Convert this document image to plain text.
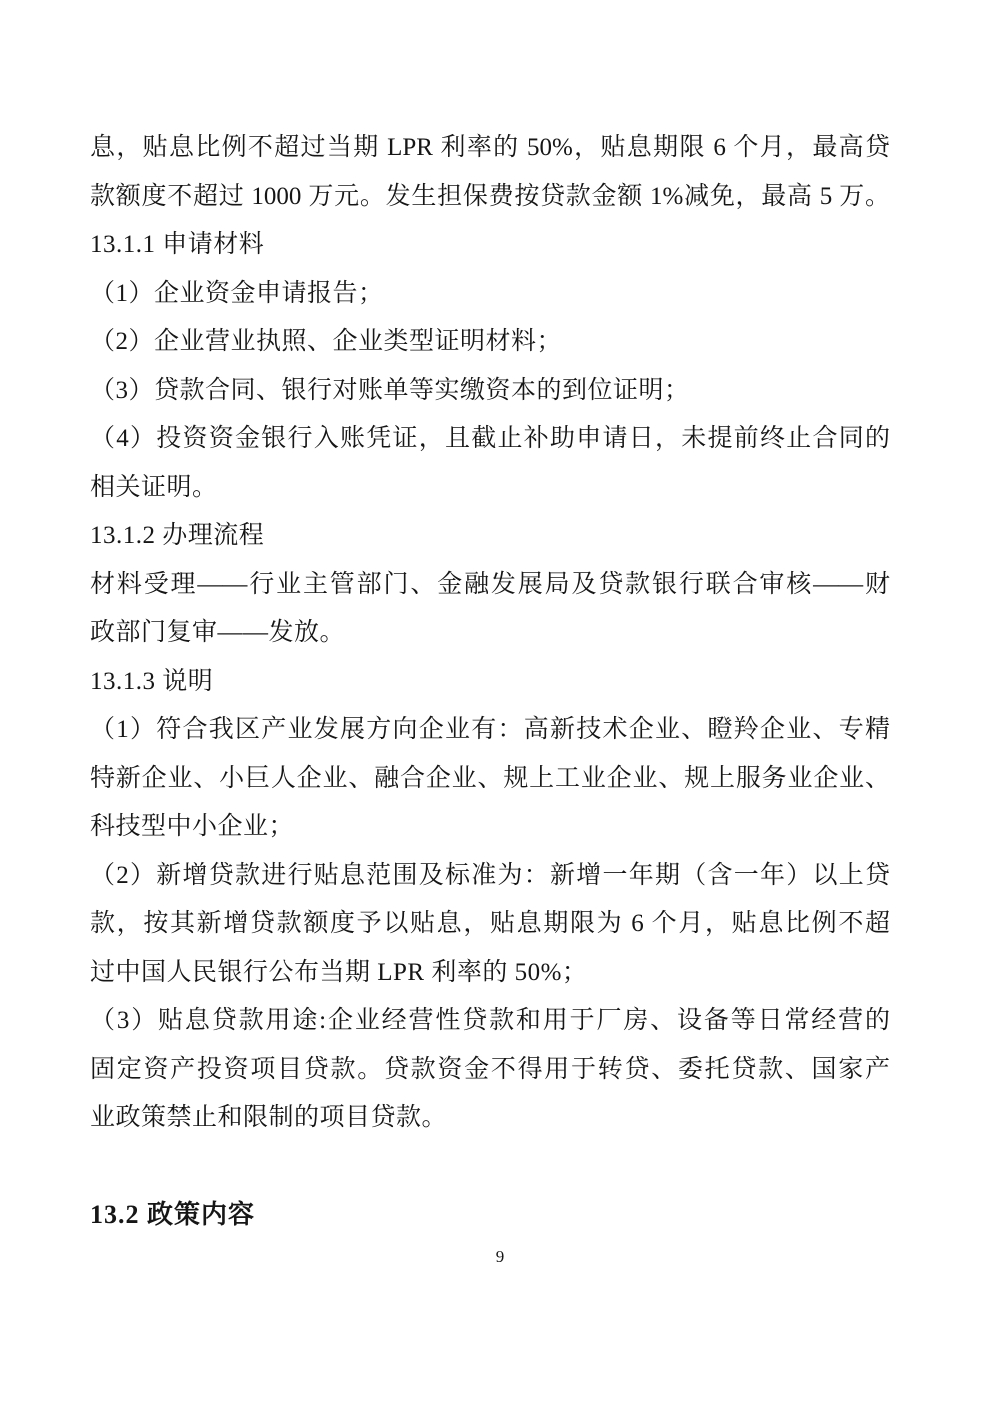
息，贴息比例不超过当期 LPR 利率的 50%，贴息期限 6 个月，最高贷
款额度不超过 1000 万元。发生担保费按贷款金额 1%减免，最高 5 万。
13.1.1 申请材料
（1）企业资金申请报告；
（2）企业营业执照、企业类型证明材料；
（3）贷款合同、银行对账单等实缴资本的到位证明；
（4）投资资金银行入账凭证，且截止补助申请日，未提前终止合同的
相关证明。
13.1.2 办理流程
材料受理——行业主管部门、金融发展局及贷款银行联合审核——财
政部门复审——发放。
13.1.3 说明
（1）符合我区产业发展方向企业有：高新技术企业、瞪羚企业、专精
特新企业、小巨人企业、融合企业、规上工业企业、规上服务业企业、
科技型中小企业；
（2）新增贷款进行贴息范围及标准为：新增一年期（含一年）以上贷
款，按其新增贷款额度予以贴息，贴息期限为 6 个月，贴息比例不超
过中国人民银行公布当期 LPR 利率的 50%；
（3）贴息贷款用途:企业经营性贷款和用于厂房、设备等日常经营的
固定资产投资项目贷款。贷款资金不得用于转贷、委托贷款、国家产
业政策禁止和限制的项目贷款。
13.2 政策内容
9
